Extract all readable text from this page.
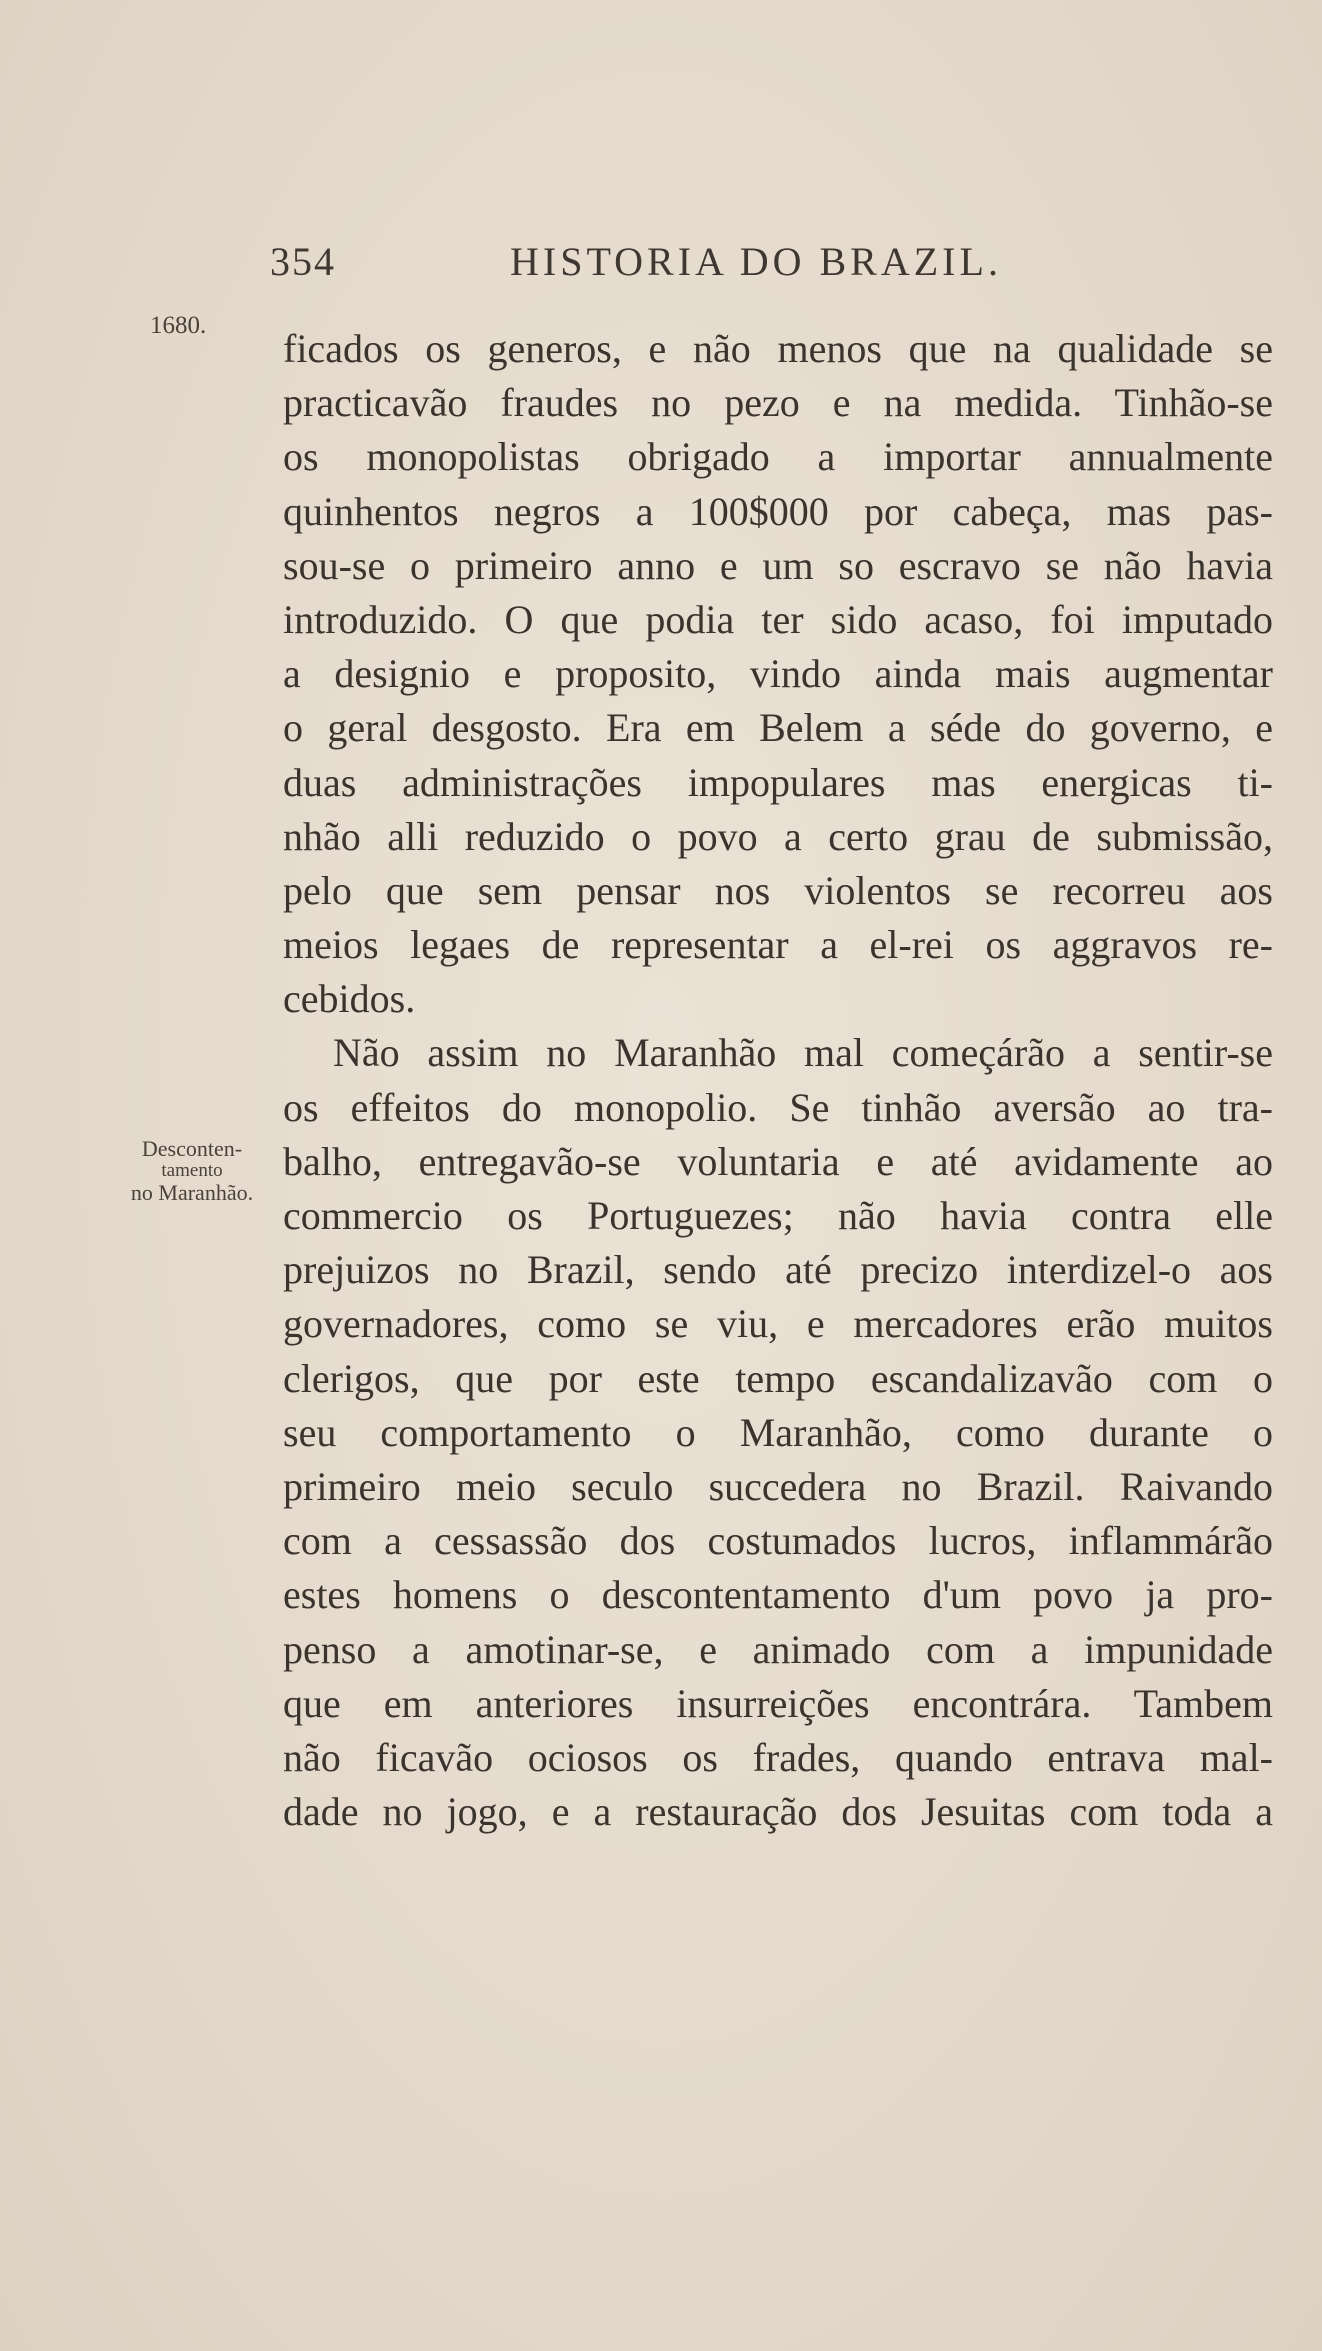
354	HISTORIA DO BRAZIL.
1680.
Desconten-
tamento
no Maranhão.
ficados os generos, e não menos que na qualidade se
practicavão fraudes no pezo e na medida. Tinhão-se
os monopolistas obrigado a importar annualmente
quinhentos negros a 100$000 por cabeça, mas pas-
sou-se o primeiro anno e um so escravo se não havia
introduzido. O que podia ter sido acaso, foi imputado
a designio e proposito, vindo ainda mais augmentar
o geral desgosto. Era em Belem a séde do governo, e
duas administrações impopulares mas energicas ti-
nhão alli reduzido o povo a certo grau de submissão,
pelo que sem pensar nos violentos se recorreu aos
meios legaes de representar a el-rei os aggravos re-
cebidos.
Não assim no Maranhão mal começárão a sentir-se
os effeitos do monopolio. Se tinhão aversão ao tra-
balho, entregavão-se voluntaria e até avidamente ao
commercio os Portuguezes; não havia contra elle
prejuizos no Brazil, sendo até precizo interdizel-o aos
governadores, como se viu, e mercadores erão muitos
clerigos, que por este tempo escandalizavão com o
seu comportamento o Maranhão, como durante o
primeiro meio seculo succedera no Brazil. Raivando
com a cessassão dos costumados lucros, inflammárão
estes homens o descontentamento d'um povo ja pro-
penso a amotinar-se, e animado com a impunidade
que em anteriores insurreições encontrára. Tambem
não ficavão ociosos os frades, quando entrava mal-
dade no jogo, e a restauração dos Jesuitas com toda a
